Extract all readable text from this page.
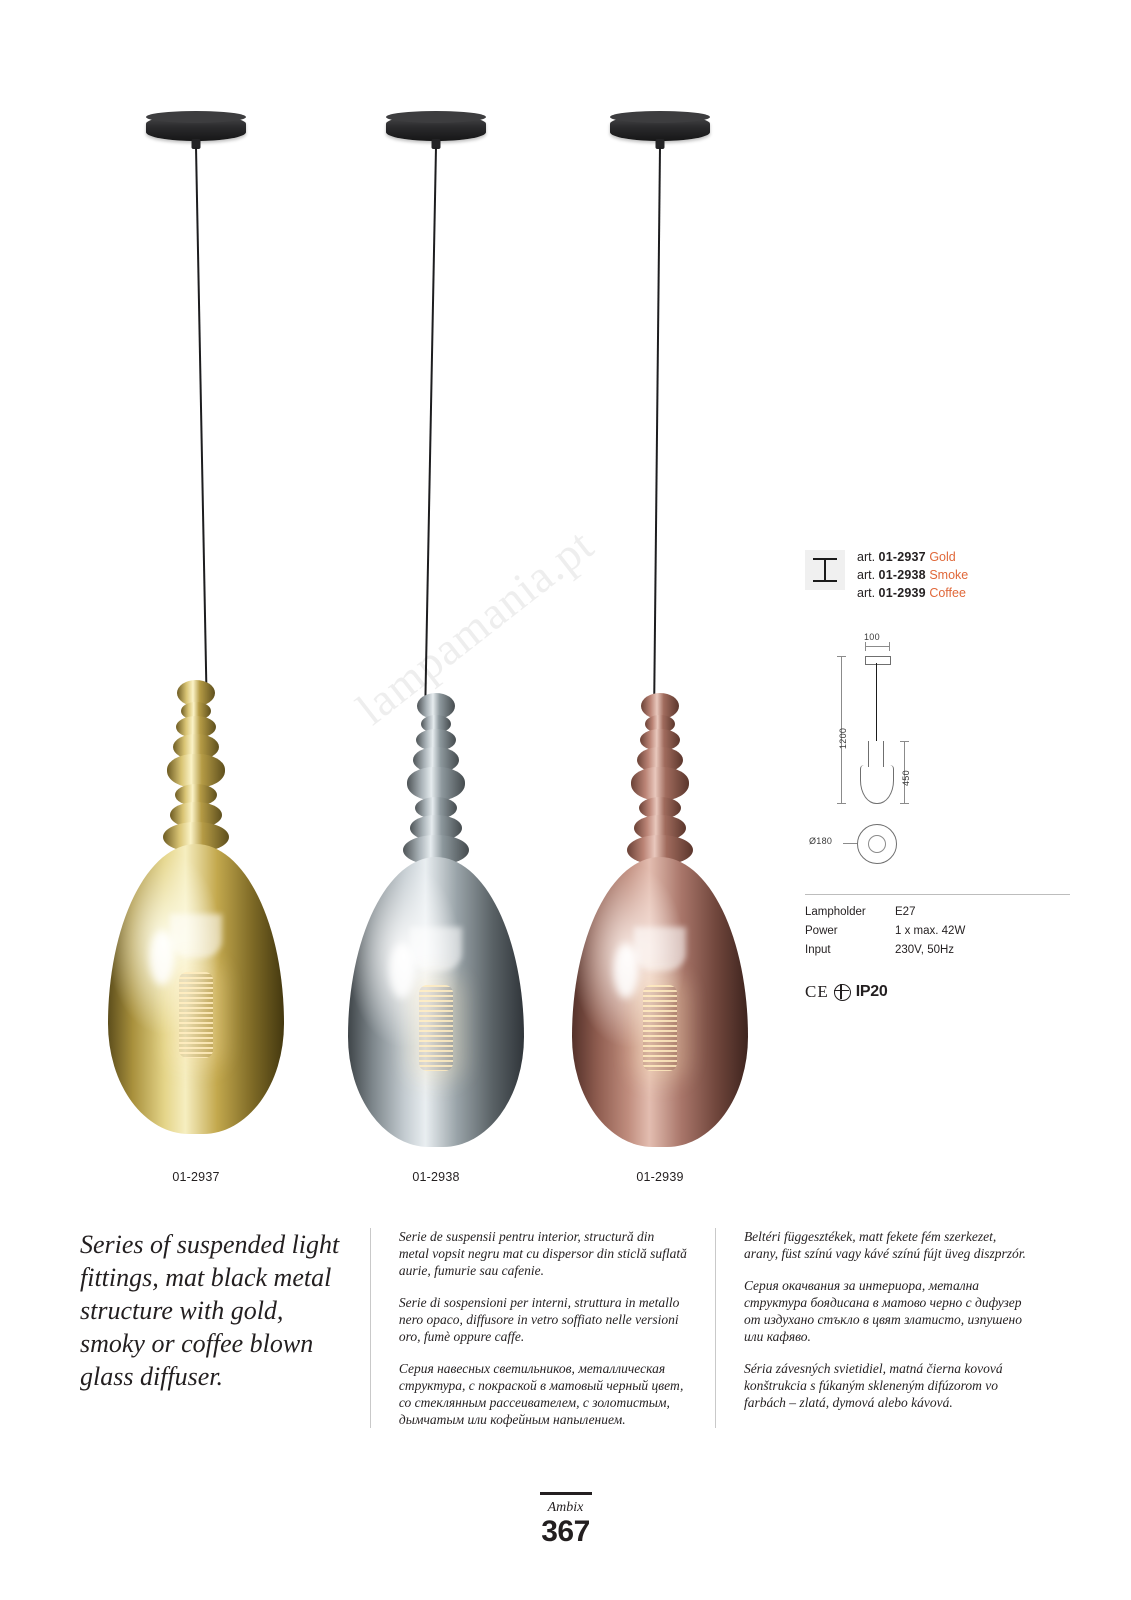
lampamania.pt
01-2937	01-2938	01-2939
art. 01-2937 Gold
art. 01-2938 Smoke
art. 01-2939 Coffee
100
1200
450
Ø180
Lampholder	E27
Power	1 x max. 42W
Input	230V, 50Hz
CE IP20
Series of suspended light fittings, mat black metal structure with gold, smoky or coffee blown glass diffuser.
Serie de suspensii pentru interior, structură din metal vopsit negru mat cu dispersor din sticlă suflată aurie, fumurie sau cafenie.
Serie di sospensioni per interni, struttura in metallo nero opaco, diffusore in vetro soffiato nelle versioni oro, fumè oppure caffe.
Серия навесных светильников, металлическая структура, с покраской в матовый черный цвет, со стеклянным рассеивателем, с золотистым, дымчатым или кофейным напылением.
Beltéri függesztékek, matt fekete fém szerkezet, arany, füst színú vagy kávé színú fújt üveg diszprzór.
Серия окачвания за интериора, метална структура боядисана в матово черно с дифузер от издухано стъкло в цвят златисто, изпушено или кафяво.
Séria závesných svietidiel, matná čierna kovová konštrukcia s fúkaným skleneným difúzorom vo farbách – zlatá, dymová alebo kávová.
Ambix
367
